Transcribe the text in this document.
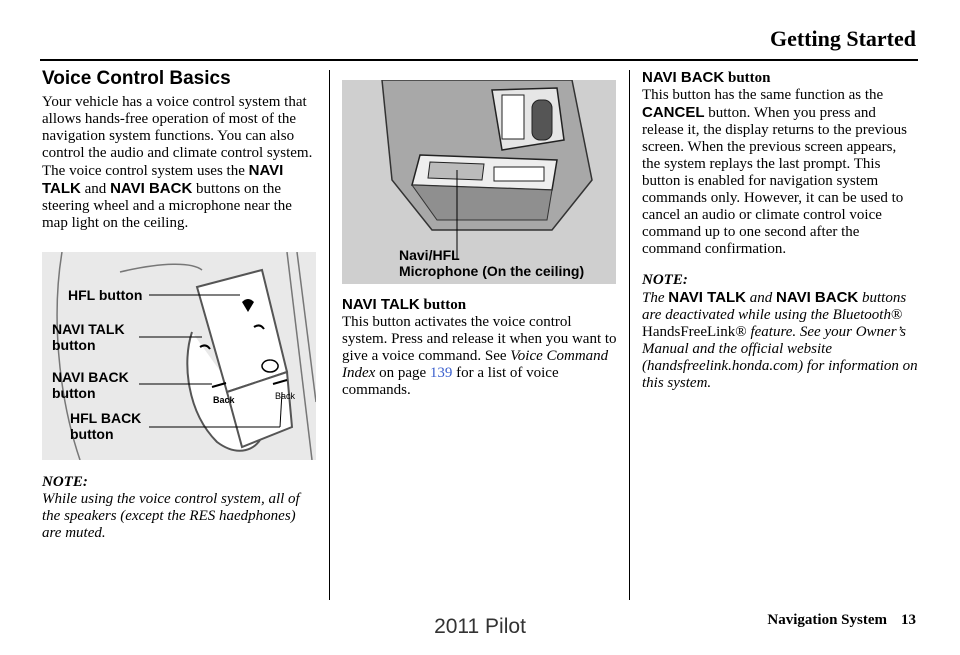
Getting Started
Voice Control Basics

Your vehicle has a voice control system that allows hands-free operation of most of the navigation system functions. You can also control the audio and climate control system. The voice control system uses the NAVI TALK and NAVI BACK buttons on the steering wheel and a microphone near the map light on the ceiling.

HFL button
NAVI TALK
button
NAVI BACK
button
HFL BACK
button
Back	Back

NOTE:

While using the voice control system, all of the speakers (except the RES haedphones) are muted.

Navi/HFL
Microphone (On the ceiling)

NAVI TALK button

This button activates the voice control system. Press and release it when you want to give a voice command. See Voice Command Index on page 139 for a list of voice commands.

NAVI BACK button

This button has the same function as the CANCEL button. When you press and release it, the display returns to the previous screen. When the previous screen appears, the system replays the last prompt. This button is enabled for navigation system commands only. However, it can be used to cancel an audio or climate control voice command up to one second after the command confirmation.

NOTE:

The NAVI TALK and NAVI BACK buttons are deactivated while using the Bluetooth® HandsFreeLink® feature. See your Owner’s Manual and the official website (handsfreelink.honda.com) for information on this system.

Navigation System 13
2011 Pilot
